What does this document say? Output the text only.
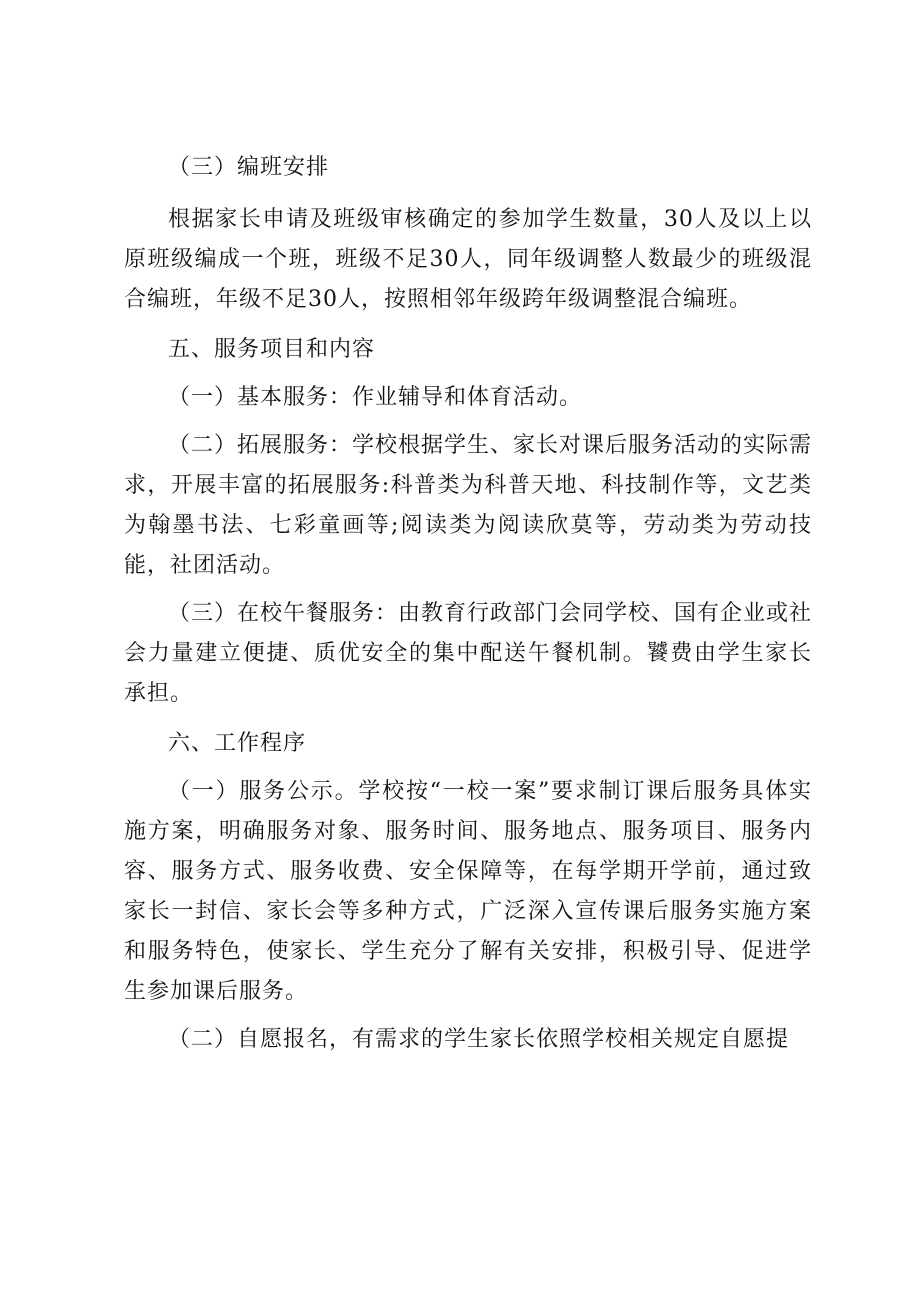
（三）编班安排

根据家长申请及班级审核确定的参加学生数量，30人及以上以原班级编成一个班，班级不足30人，同年级调整人数最少的班级混合编班，年级不足30人，按照相邻年级跨年级调整混合编班。

五、服务项目和内容

（一）基本服务：作业辅导和体育活动。

（二）拓展服务：学校根据学生、家长对课后服务活动的实际需求，开展丰富的拓展服务:科普类为科普天地、科技制作等，文艺类为翰墨书法、七彩童画等;阅读类为阅读欣莫等，劳动类为劳动技能，社团活动。

（三）在校午餐服务：由教育行政部门会同学校、国有企业或社会力量建立便捷、质优安全的集中配送午餐机制。饕费由学生家长承担。

六、工作程序

（一）服务公示。学校按“一校一案”要求制订课后服务具体实施方案，明确服务对象、服务时间、服务地点、服务项目、服务内容、服务方式、服务收费、安全保障等，在每学期开学前，通过致家长一封信、家长会等多种方式，广泛深入宣传课后服务实施方案和服务特色，使家长、学生充分了解有关安排，积极引导、促进学生参加课后服务。

（二）自愿报名，有需求的学生家长依照学校相关规定自愿提
